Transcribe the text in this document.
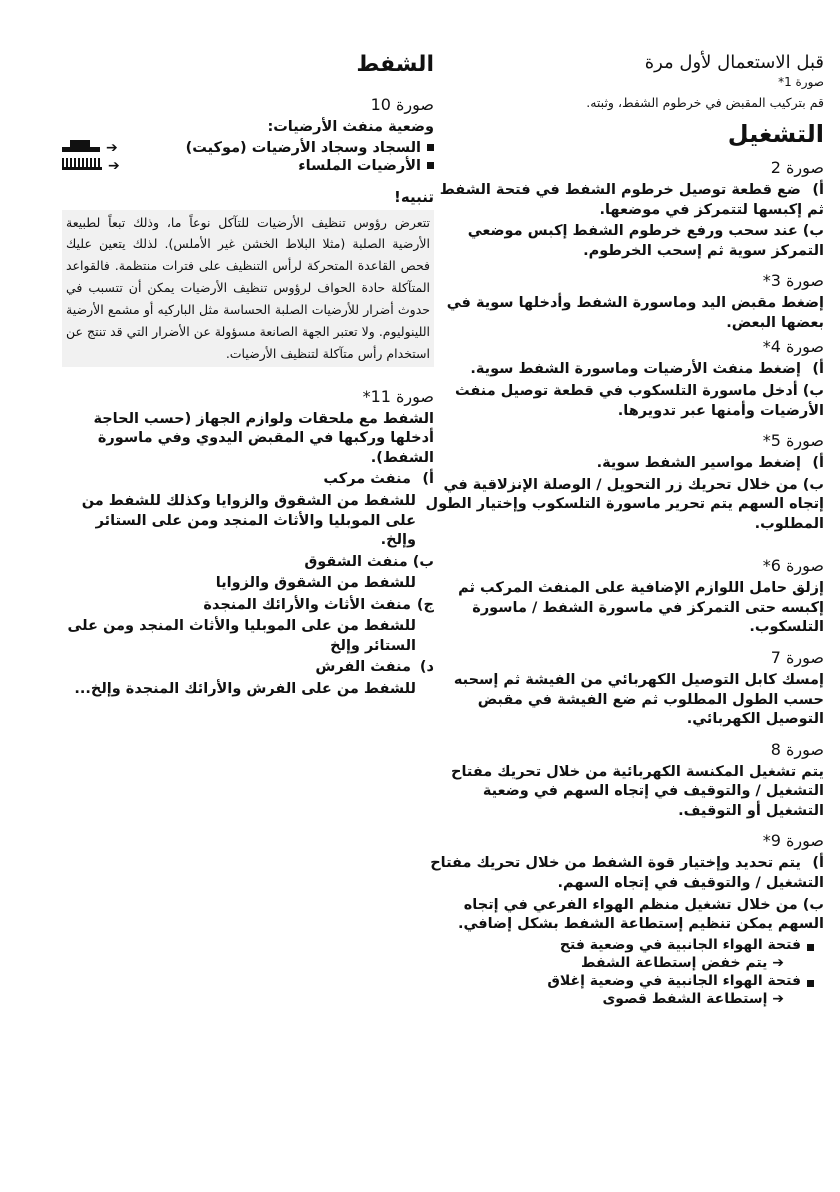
قبل الاستعمال لأول مرة

صورة 1*

قم بتركيب المقبض في خرطوم الشفط، وثبته.

التشغيل
صورة 2
أ) ضع قطعة توصيل خرطوم الشفط في فتحة الشفط ثم إكبسها لتتمركز في موضعها.
ب) عند سحب ورفع خرطوم الشفط إكبس موضعي التمركز سوية ثم إسحب الخرطوم.
صورة 3*
إضغط مقبض اليد وماسورة الشفط وأدخلها سوية في بعضها البعض.
صورة 4*
أ) إضغط منفث الأرضيات وماسورة الشفط سوية.
ب) أدخل ماسورة التلسكوب في قطعة توصيل منفث الأرضيات وأمنها عبر تدويرها.
صورة 5*
أ) إضغط مواسير الشفط سوية.
ب) من خلال تحريك زر التحويل / الوصلة الإنزلاقية في إتجاه السهم يتم تحرير ماسورة التلسكوب وإختيار الطول المطلوب.
صورة 6*
إزلق حامل اللوازم الإضافية على المنفث المركب ثم إكبسه حتى التمركز في ماسورة الشفط / ماسورة التلسكوب.
صورة 7
إمسك كابل التوصيل الكهربائي من الفيشة ثم إسحبه حسب الطول المطلوب ثم ضع الفيشة في مقبض التوصيل الكهربائي.
صورة 8
يتم تشغيل المكنسة الكهربائية من خلال تحريك مفتاح التشغيل / والتوقيف في إتجاه السهم في وضعية التشغيل أو التوقيف.
صورة 9*
أ) يتم تحديد وإختيار قوة الشفط من خلال تحريك مفتاح التشغيل / والتوقيف في إتجاه السهم.
ب) من خلال تشغيل منظم الهواء الفرعي في إتجاه السهم يمكن تنظيم إستطاعة الشفط بشكل إضافي.
فتحة الهواء الجانبية في وضعية فتح
➔ يتم خفض إستطاعة الشفط
فتحة الهواء الجانبية في وضعية إغلاق
➔ إستطاعة الشفط قصوى
الشفط
صورة 10
وضعية منفث الأرضيات:
السجاد وسجاد الأرضيات (موكيت)
➔
الأرضيات الملساء
➔
تنبيه!
تتعرض رؤوس تنظيف الأرضيات للتآكل نوعاً ما، وذلك تبعاً لطبيعة الأرضية الصلبة (مثلا البلاط الخشن غير الأملس). لذلك يتعين عليك فحص القاعدة المتحركة لرأس التنظيف على فترات منتظمة. فالقواعد المتآكلة حادة الحواف لرؤوس تنظيف الأرضيات يمكن أن تتسبب في حدوث أضرار للأرضيات الصلبة الحساسة مثل الباركيه أو مشمع الأرضية اللينوليوم. ولا تعتبر الجهة الصانعة مسؤولة عن الأضرار التي قد تنتج عن استخدام رأس متآكلة لتنظيف الأرضيات.
صورة 11*
الشفط مع ملحقات ولوازم الجهاز (حسب الحاجة أدخلها وركبها في المقبض اليدوي وفي ماسورة الشفط).
أ) منفث مركب
للشفط من الشقوق والزوايا وكذلك للشفط من على الموبليا والأثاث المنجد ومن على الستائر وإلخ.
ب) منفث الشقوق
للشفط من الشقوق والزوايا
ج) منفث الأثاث والأرائك المنجدة
للشفط من على الموبليا والأثاث المنجد ومن على الستائر وإلخ
د) منفث الفرش
للشفط من على الفرش والأرائك المنجدة وإلخ...
